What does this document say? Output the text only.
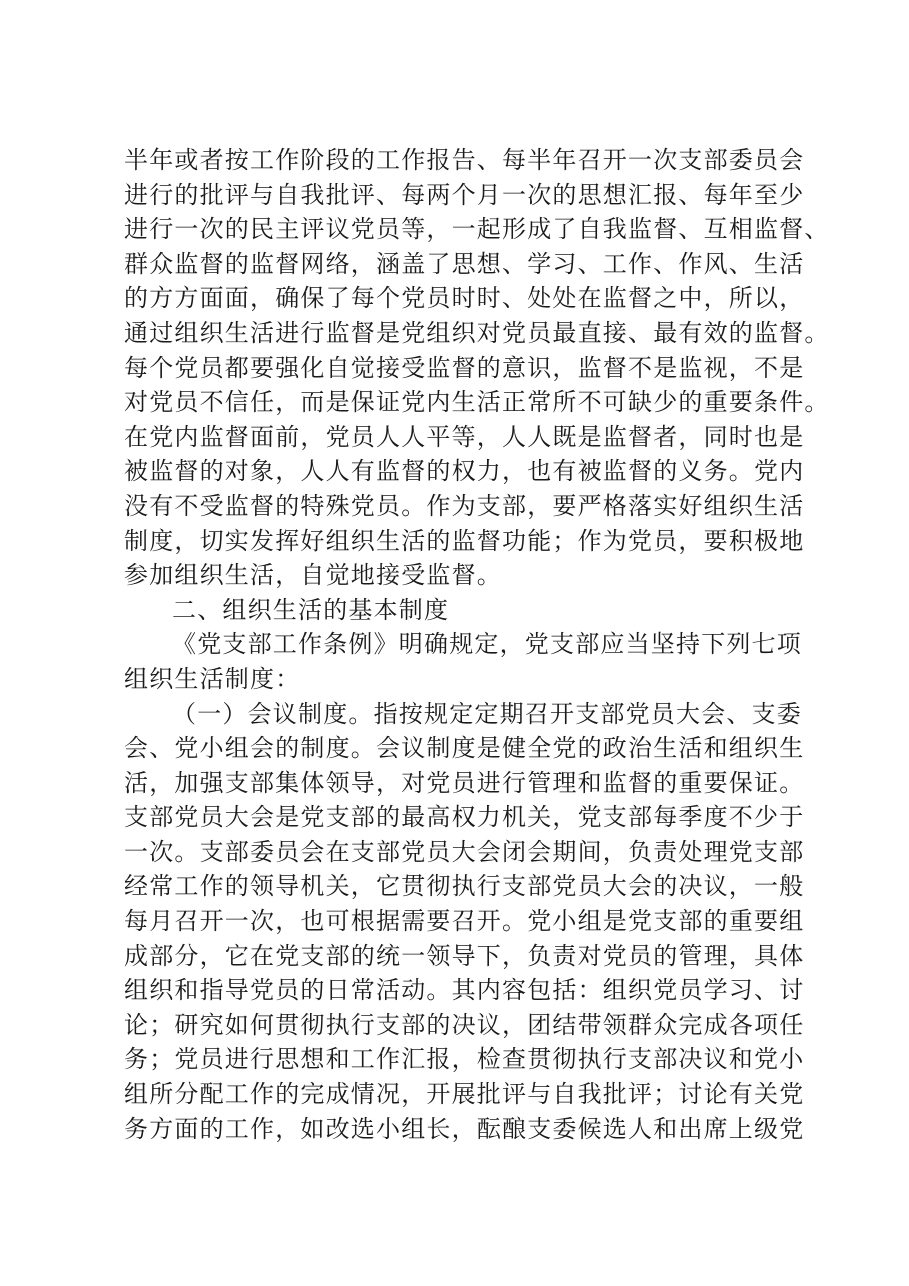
半年或者按工作阶段的工作报告、每半年召开一次支部委员会
进行的批评与自我批评、每两个月一次的思想汇报、每年至少
进行一次的民主评议党员等，一起形成了自我监督、互相监督、
群众监督的监督网络，涵盖了思想、学习、工作、作风、生活
的方方面面，确保了每个党员时时、处处在监督之中，所以，
通过组织生活进行监督是党组织对党员最直接、最有效的监督。
每个党员都要强化自觉接受监督的意识，监督不是监视，不是
对党员不信任，而是保证党内生活正常所不可缺少的重要条件。
在党内监督面前，党员人人平等，人人既是监督者，同时也是
被监督的对象，人人有监督的权力，也有被监督的义务。党内
没有不受监督的特殊党员。作为支部，要严格落实好组织生活
制度，切实发挥好组织生活的监督功能；作为党员，要积极地
参加组织生活，自觉地接受监督。
二、组织生活的基本制度
《党支部工作条例》明确规定，党支部应当坚持下列七项
组织生活制度：
（一）会议制度。指按规定定期召开支部党员大会、支委
会、党小组会的制度。会议制度是健全党的政治生活和组织生
活，加强支部集体领导，对党员进行管理和监督的重要保证。
支部党员大会是党支部的最高权力机关，党支部每季度不少于
一次。支部委员会在支部党员大会闭会期间，负责处理党支部
经常工作的领导机关，它贯彻执行支部党员大会的决议，一般
每月召开一次，也可根据需要召开。党小组是党支部的重要组
成部分，它在党支部的统一领导下，负责对党员的管理，具体
组织和指导党员的日常活动。其内容包括：组织党员学习、讨
论；研究如何贯彻执行支部的决议，团结带领群众完成各项任
务；党员进行思想和工作汇报，检查贯彻执行支部决议和党小
组所分配工作的完成情况，开展批评与自我批评；讨论有关党
务方面的工作，如改选小组长，酝酿支委候选人和出席上级党
